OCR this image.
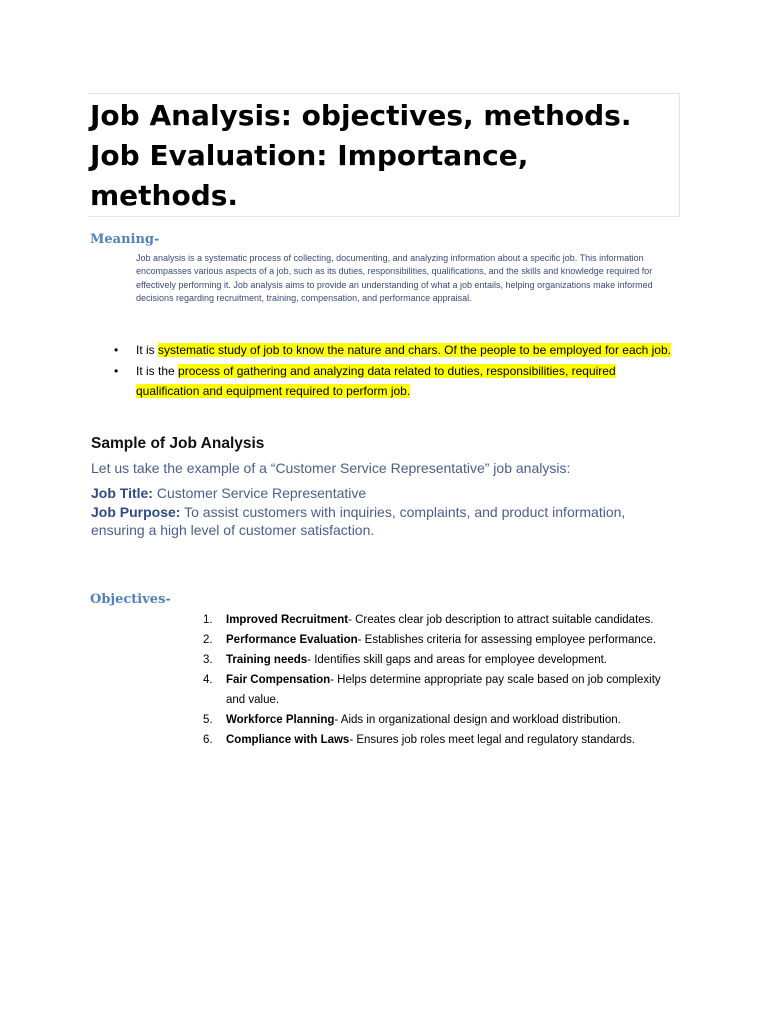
Job Analysis: objectives, methods. Job Evaluation: Importance, methods.
Meaning-

Job analysis is a systematic process of collecting, documenting, and analyzing information about a specific job. This information encompasses various aspects of a job, such as its duties, responsibilities, qualifications, and the skills and knowledge required for effectively performing it. Job analysis aims to provide an understanding of what a job entails, helping organizations make informed decisions regarding recruitment, training, compensation, and performance appraisal.

• It is systematic study of job to know the nature and chars. Of the people to be employed for each job.
• It is the process of gathering and analyzing data related to duties, responsibilities, required qualification and equipment required to perform job.
Sample of Job Analysis

Let us take the example of a “Customer Service Representative” job analysis:

Job Title: Customer Service Representative
Job Purpose: To assist customers with inquiries, complaints, and product information, ensuring a high level of customer satisfaction.
Objectives-
1. Improved Recruitment- Creates clear job description to attract suitable candidates.
2. Performance Evaluation- Establishes criteria for assessing employee performance.
3. Training needs- Identifies skill gaps and areas for employee development.
4. Fair Compensation- Helps determine appropriate pay scale based on job complexity and value.
5. Workforce Planning- Aids in organizational design and workload distribution.
6. Compliance with Laws- Ensures job roles meet legal and regulatory standards.
